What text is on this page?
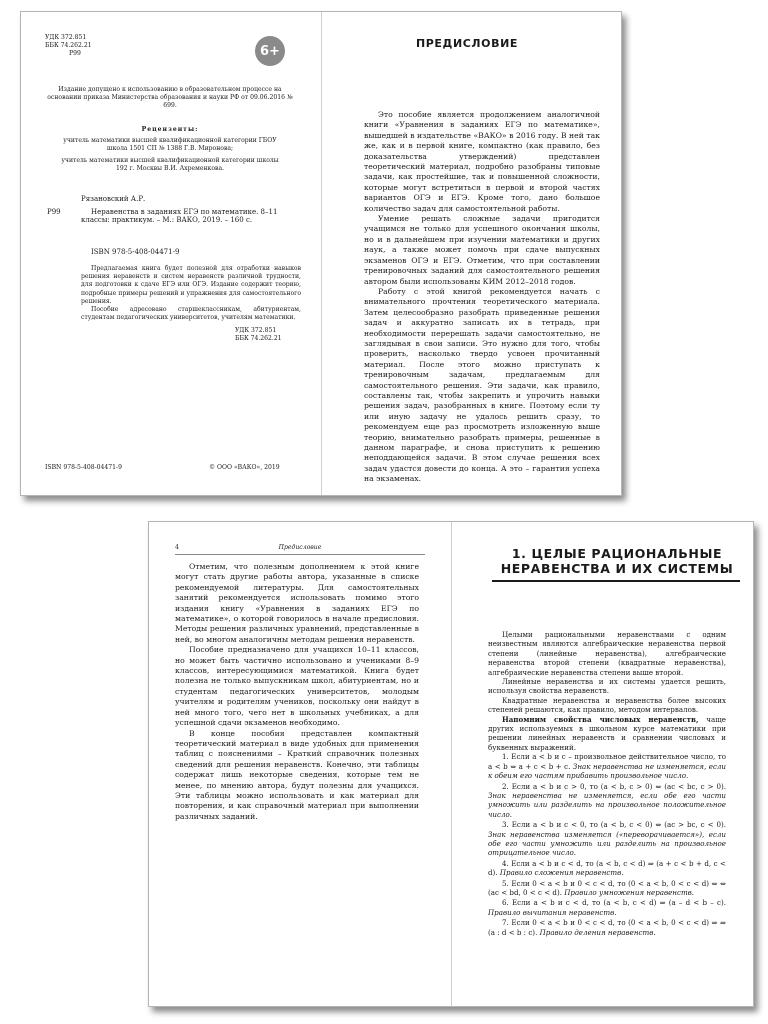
УДК 372.851
ББК 74.262.21
Р99	6+
Издание допущено к использованию в образовательном процессе на основании приказа Министерства образования и науки РФ от 09.06.2016 № 699.
Рецензенты:
учитель математики высшей квалификационной категории ГБОУ школа 1501 СП № 1388 Г.В. Миронова;
учитель математики высшей квалификационной категории школы 192 г. Москвы В.И. Ахременкова.
Рязановский А.Р.
Р99	Неравенства в заданиях ЕГЭ по математике. 8–11 классы: практикум. – М.: ВАКО, 2019. – 160 с.
ISBN 978-5-408-04471-9

Предлагаемая книга будет полезной для отработки навыков решения неравенств и систем неравенств различной трудности, для подготовки к сдаче ЕГЭ или ОГЭ. Издание содержит теорию, подробные примеры решений и упражнения для самостоятельного решения.

Пособие адресовано старшеклассникам, абитуриентам, студентам педагогических университетов, учителям математики.

УДК 372.851
ББК 74.262.21
ISBN 978-5-408-04471-9	© ООО «ВАКО», 2019
ПРЕДИСЛОВИЕ

Это пособие является продолжением аналогичной книги «Уравнения в заданиях ЕГЭ по математике», вышедшей в издательстве «ВАКО» в 2016 году. В ней так же, как и в первой книге, компактно (как правило, без доказательства утверждений) представлен теоретический материал, подробно разобраны типовые задачи, как простейшие, так и повышенной сложности, которые могут встретиться в первой и второй частях вариантов ОГЭ и ЕГЭ. Кроме того, дано большое количество задач для самостоятельной работы.

Умение решать сложные задачи пригодится учащимся не только для успешного окончания школы, но и в дальнейшем при изучении математики и других наук, а также может помочь при сдаче выпускных экзаменов ОГЭ и ЕГЭ. Отметим, что при составлении тренировочных заданий для самостоятельного решения автором были использованы КИМ 2012–2018 годов.

Работу с этой книгой рекомендуется начать с внимательного прочтения теоретического материала. Затем целесообразно разобрать приведенные решения задач и аккуратно записать их в тетрадь, при необходимости перерешать задачи самостоятельно, не заглядывая в свои записи. Это нужно для того, чтобы проверить, насколько твердо усвоен прочитанный материал. После этого можно приступать к тренировочным задачам, предлагаемым для самостоятельного решения. Эти задачи, как правило, составлены так, чтобы закрепить и упрочить навыки решения задач, разобранных в книге. Поэтому если ту или иную задачу не удалось решить сразу, то рекомендуем еще раз просмотреть изложенную выше теорию, внимательно разобрать примеры, решенные в данном параграфе, и снова приступить к решению неподдающейся задачи. В этом случае решения всех задач удастся довести до конца. А это – гарантия успеха на экзаменах.

4	Предисловие

Отметим, что полезным дополнением к этой книге могут стать другие работы автора, указанные в списке рекомендуемой литературы. Для самостоятельных занятий рекомендуется использовать помимо этого издания книгу «Уравнения в заданиях ЕГЭ по математике», о которой говорилось в начале предисловия. Методы решения различных уравнений, представленные в ней, во многом аналогичны методам решения неравенств.

Пособие предназначено для учащихся 10–11 классов, но может быть частично использовано и учениками 8–9 классов, интересующимися математикой. Книга будет полезна не только выпускникам школ, абитуриентам, но и студентам педагогических университетов, молодым учителям и родителям учеников, поскольку они найдут в ней много того, чего нет в школьных учебниках, а для успешной сдачи экзаменов необходимо.

В конце пособия представлен компактный теоретический материал в виде удобных для применения таблиц с пояснениями – Краткий справочник полезных сведений для решения неравенств. Конечно, эти таблицы содержат лишь некоторые сведения, которые тем не менее, по мнению автора, будут полезны для учащихся. Эти таблицы можно использовать и как материал для повторения, и как справочный материал при выполнении различных заданий.

1. ЦЕЛЫЕ РАЦИОНАЛЬНЫЕ
НЕРАВЕНСТВА И ИХ СИСТЕМЫ

Целыми рациональными неравенствами с одним неизвестным являются алгебраические неравенства первой степени (линейные неравенства), алгебраические неравенства второй степени (квадратные неравенства), алгебраические неравенства степени выше второй.

Линейные неравенства и их системы удается решить, используя свойства неравенств.

Квадратные неравенства и неравенства более высоких степеней решаются, как правило, методом интервалов.

Напомним свойства числовых неравенств, чаще других используемых в школьном курсе математики при решении линейных неравенств и сравнении числовых и буквенных выражений.

1. Если a < b и c – произвольное действительное число, то a < b ⇔ a + c < b + c. Знак неравенства не изменяется, если к обеим его частям прибавить произвольное число.

2. Если a < b и c > 0, то (a < b, c > 0) ⇔ (ac < bc, c > 0). Знак неравенства не изменяется, если обе его части умножить или разделить на произвольное положительное число.

3. Если a < b и c < 0, то (a < b, c < 0) ⇔ (ac > bc, c < 0). Знак неравенства изменяется («переворачивается»), если обе его части умножить или разделить на произвольное отрицательное число.

4. Если a < b и c < d, то (a < b, c < d) ⇒ (a + c < b + d, c < d). Правило сложения неравенств.

5. Если 0 < a < b и 0 < c < d, то (0 < a < b, 0 < c < d) ⇔ ⇔ (ac < bd, 0 < c < d). Правило умножения неравенств.

6. Если a < b и c < d, то (a < b, c < d) ⇒ (a – d < b – c). Правило вычитания неравенств.

7. Если 0 < a < b и 0 < c < d, то (0 < a < b, 0 < c < d) ⇒ ⇒ (a : d < b : c). Правило деления неравенств.
